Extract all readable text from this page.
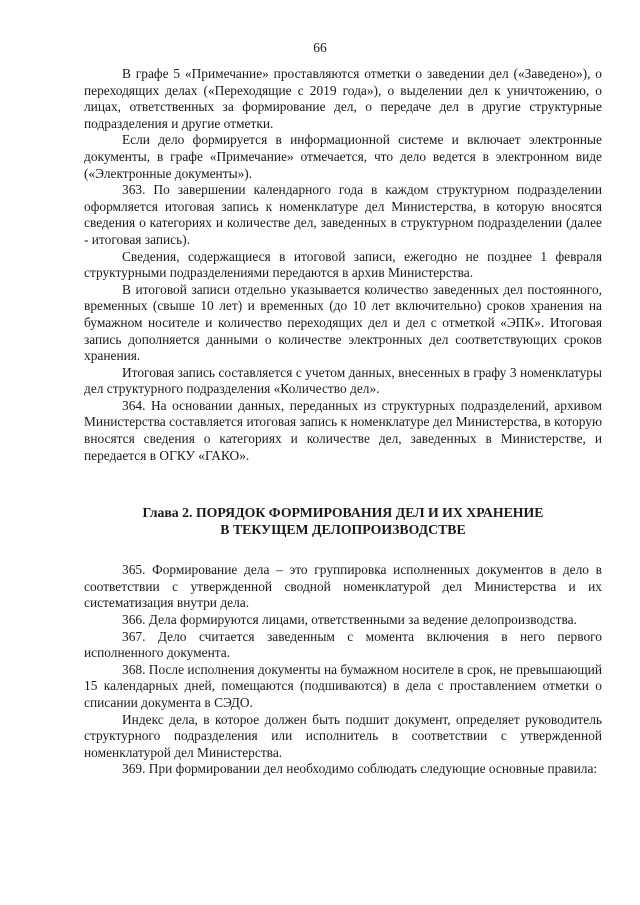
66

В графе 5 «Примечание» проставляются отметки о заведении дел («Заведено»), о переходящих делах («Переходящие с 2019 года»), о выделении дел к уничтожению, о лицах, ответственных за формирование дел, о передаче дел в другие структурные подразделения и другие отметки.

Если дело формируется в информационной системе и включает электронные документы, в графе «Примечание» отмечается, что дело ведется в электронном виде («Электронные документы»).

363. По завершении календарного года в каждом структурном подразделении оформляется итоговая запись к номенклатуре дел Министерства, в которую вносятся сведения о категориях и количестве дел, заведенных в структурном подразделении (далее - итоговая запись).

Сведения, содержащиеся в итоговой записи, ежегодно не позднее 1 февраля структурными подразделениями передаются в архив Министерства.

В итоговой записи отдельно указывается количество заведенных дел постоянного, временных (свыше 10 лет) и временных (до 10 лет включительно) сроков хранения на бумажном носителе и количество переходящих дел и дел с отметкой «ЭПК». Итоговая запись дополняется данными о количестве электронных дел соответствующих сроков хранения.

Итоговая запись составляется с учетом данных, внесенных в графу 3 номенклатуры дел структурного подразделения «Количество дел».

364. На основании данных, переданных из структурных подразделений, архивом Министерства составляется итоговая запись к номенклатуре дел Министерства, в которую вносятся сведения о категориях и количестве дел, заведенных в Министерстве, и передается в ОГКУ «ГАКО».

Глава 2. ПОРЯДОК ФОРМИРОВАНИЯ ДЕЛ И ИХ ХРАНЕНИЕ

В ТЕКУЩЕМ ДЕЛОПРОИЗВОДСТВЕ

365. Формирование дела – это группировка исполненных документов в дело в соответствии с утвержденной сводной номенклатурой дел Министерства и их систематизация внутри дела.

366. Дела формируются лицами, ответственными за ведение делопроизводства.

367. Дело считается заведенным с момента включения в него первого исполненного документа.

368. После исполнения документы на бумажном носителе в срок, не превышающий 15 календарных дней, помещаются (подшиваются) в дела с проставлением отметки о списании документа в СЭДО.

Индекс дела, в которое должен быть подшит документ, определяет руководитель структурного подразделения или исполнитель в соответствии с утвержденной номенклатурой дел Министерства.

369. При формировании дел необходимо соблюдать следующие основные правила:
